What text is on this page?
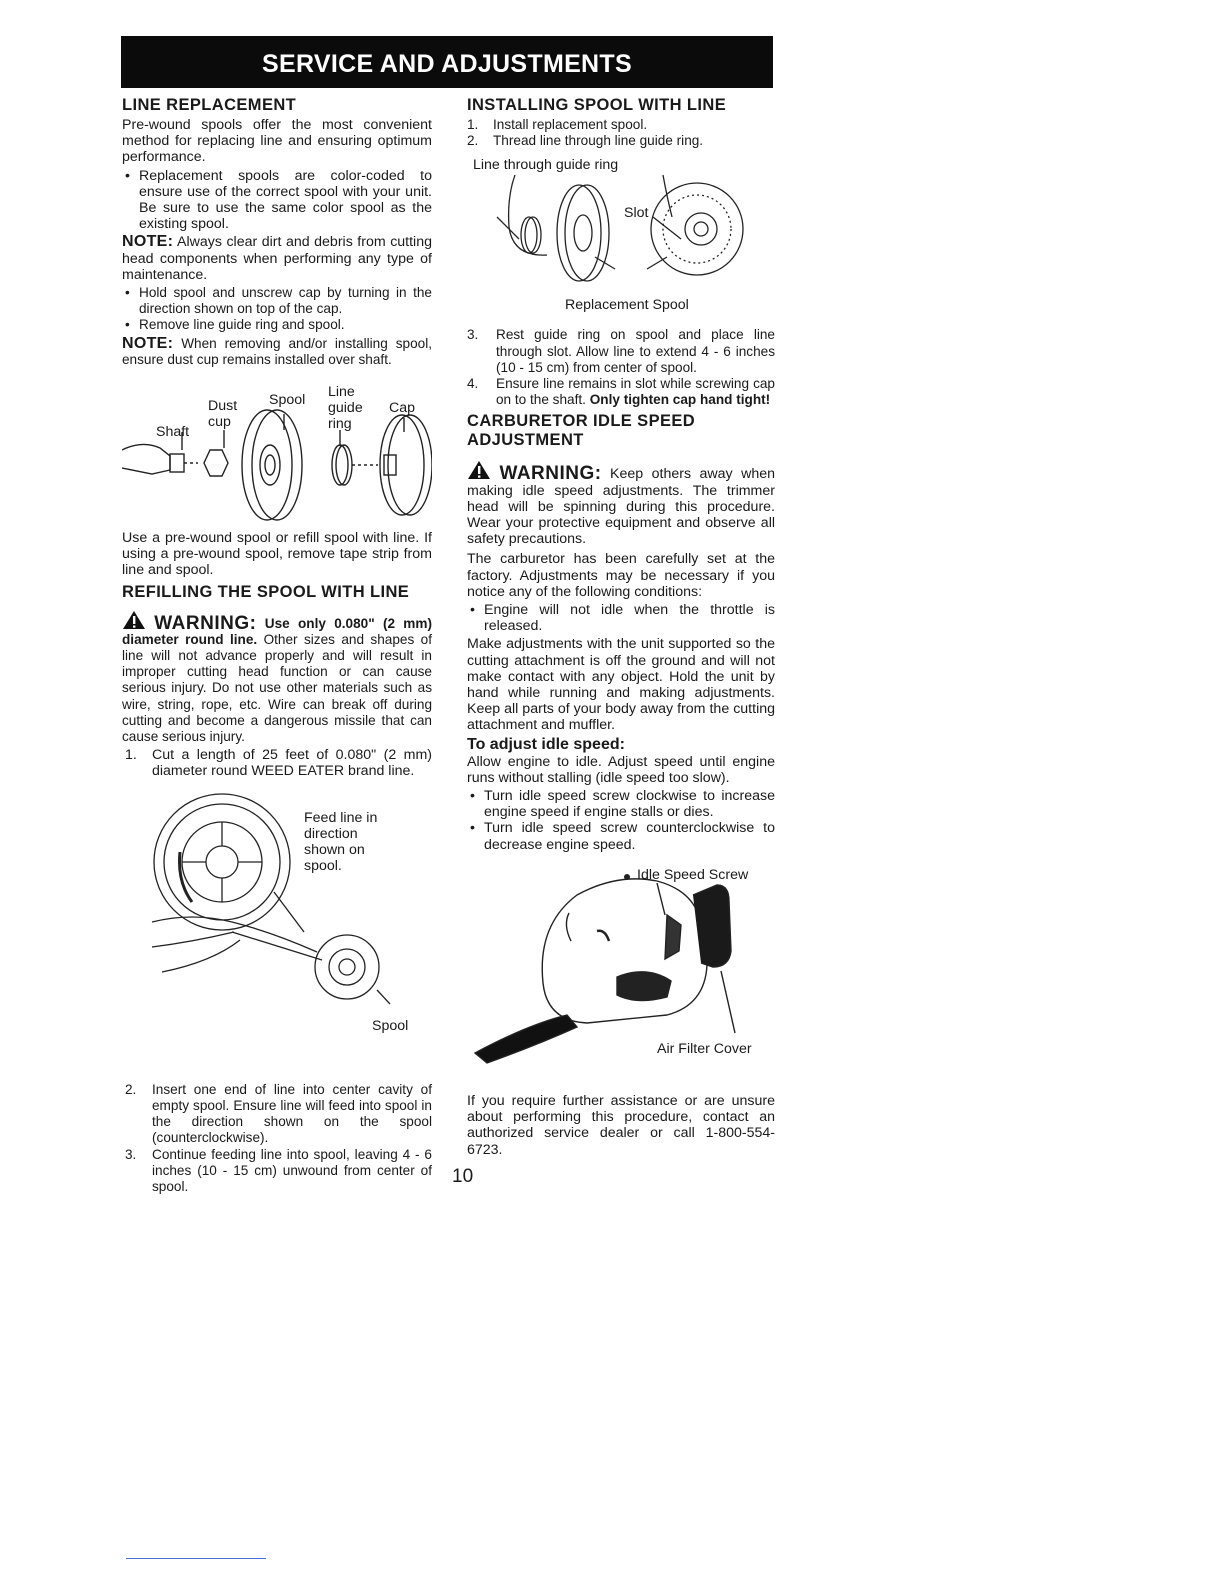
SERVICE AND ADJUSTMENTS
LINE REPLACEMENT

Pre-wound spools offer the most convenient method for replacing line and ensuring optimum performance.

• Replacement spools are color-coded to ensure use of the correct spool with your unit. Be sure to use the same color spool as the existing spool.

NOTE: Always clear dirt and debris from cutting head components when performing any type of maintenance.

• Hold spool and unscrew cap by turning in the direction shown on top of the cap.
• Remove line guide ring and spool.

NOTE: When removing and/or installing spool, ensure dust cup remains installed over shaft.

Shaft
Dust
cup
Spool Line
guide
ring
Cap

Use a pre-wound spool or refill spool with line. If using a pre-wound spool, remove tape strip from line and spool.

REFILLING THE SPOOL WITH LINE

WARNING: Use only 0.080" (2 mm) diameter round line. Other sizes and shapes of line will not advance properly and will result in improper cutting head function or can cause serious injury. Do not use other materials such as wire, string, rope, etc. Wire can break off during cutting and become a dangerous missile that can cause serious injury.

1. Cut a length of 25 feet of 0.080" (2 mm) diameter round WEED EATER brand line.
Feed line in
direction
shown on
spool.
Spool
2. Insert one end of line into center cavity of empty spool. Ensure line will feed into spool in the direction shown on the spool (counterclockwise).
3. Continue feeding line into spool, leaving 4 - 6 inches (10 - 15 cm) unwound from center of spool.
INSTALLING SPOOL WITH LINE
1. Install replacement spool.
2. Thread line through line guide ring.
Line through guide ring
Slot
Replacement Spool
3. Rest guide ring on spool and place line through slot. Allow line to extend 4 - 6 inches (10 - 15 cm) from center of spool.
4. Ensure line remains in slot while screwing cap on to the shaft. Only tighten cap hand tight!
CARBURETOR IDLE SPEED
ADJUSTMENT

WARNING: Keep others away when making idle speed adjustments. The trimmer head will be spinning during this procedure. Wear your protective equipment and observe all safety precautions.

The carburetor has been carefully set at the factory. Adjustments may be necessary if you notice any of the following conditions:

• Engine will not idle when the throttle is released.

Make adjustments with the unit supported so the cutting attachment is off the ground and will not make contact with any object. Hold the unit by hand while running and making adjustments. Keep all parts of your body away from the cutting attachment and muffler.

To adjust idle speed:

Allow engine to idle. Adjust speed until engine runs without stalling (idle speed too slow).

• Turn idle speed screw clockwise to increase engine speed if engine stalls or dies.
• Turn idle speed screw counterclockwise to decrease engine speed.
Idle Speed Screw
Air Filter Cover

If you require further assistance or are unsure about performing this procedure, contact an authorized service dealer or call 1-800-554-6723.

10
